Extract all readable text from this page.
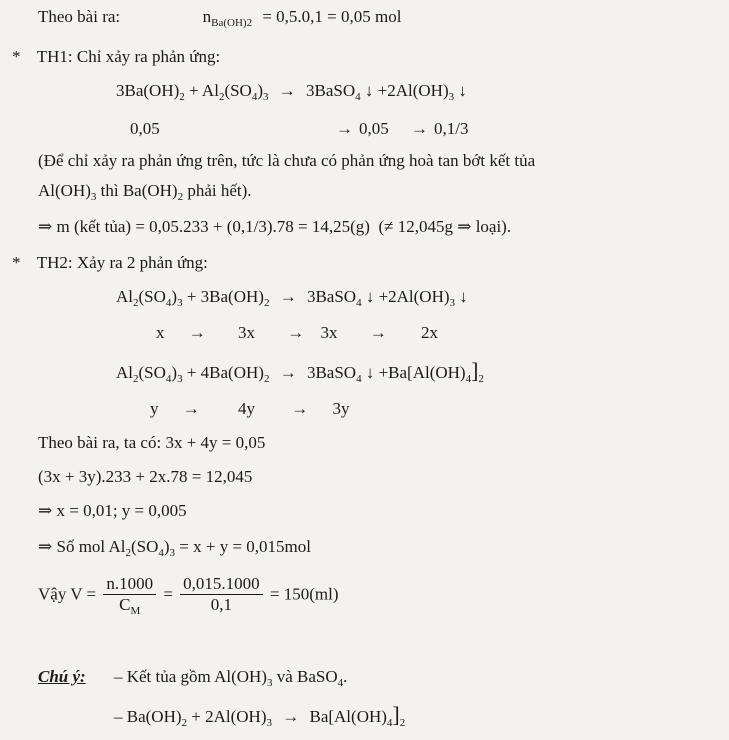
Theo bài ra:	$n_{Ba(OH)2} = 0,5.0,1 = 0,05$ mol
* TH1: Chỉ xảy ra phản ứng:
$3Ba(OH)_2 + Al_2(SO_4)_3$ → 3BaSO$_4$ ↓ $+2Al(OH)_3$ ↓
0,05	→ 0,05 → 0,1/3
(Để chỉ xảy ra phản ứng trên, tức là chưa có phản ứng hoà tan bớt kết tủa
$Al(OH)_3$ thì $Ba(OH)_2$ phải hết).
⇒ m (kết tủa) = 0,05.233 + (0,1/3).78 = 14,25(g)  (≠ 12,045g ⇒ loại).
* TH2: Xảy ra 2 phản ứng:
$Al_2(SO_4)_3 + 3Ba(OH)_2$ → 3BaSO$_4$ ↓ $+2Al(OH)_3$ ↓
x → 3x → 3x → 2x
$Al_2(SO_4)_3 + 4Ba(OH)_2$ → 3BaSO$_4$ ↓ $+Ba[Al(OH)_4]_2$
y → 4y → 3y
Theo bài ra, ta có: 3x + 4y = 0,05
(3x + 3y).233 + 2x.78 = 12,045
⇒ x = 0,01; y = 0,005
⇒ Số mol $Al_2(SO_4)_3 = x + y = 0,015mol$
Vậy $V = \frac{n.1000}{C_M} = \frac{0,015.1000}{0,1} = 150(ml)$
Chú ý: – Kết tủa gồm $Al(OH)_3$ và BaSO$_4$.
– $Ba(OH)_2 + 2Al(OH)_3 \to Ba[Al(OH)_4]_2$
